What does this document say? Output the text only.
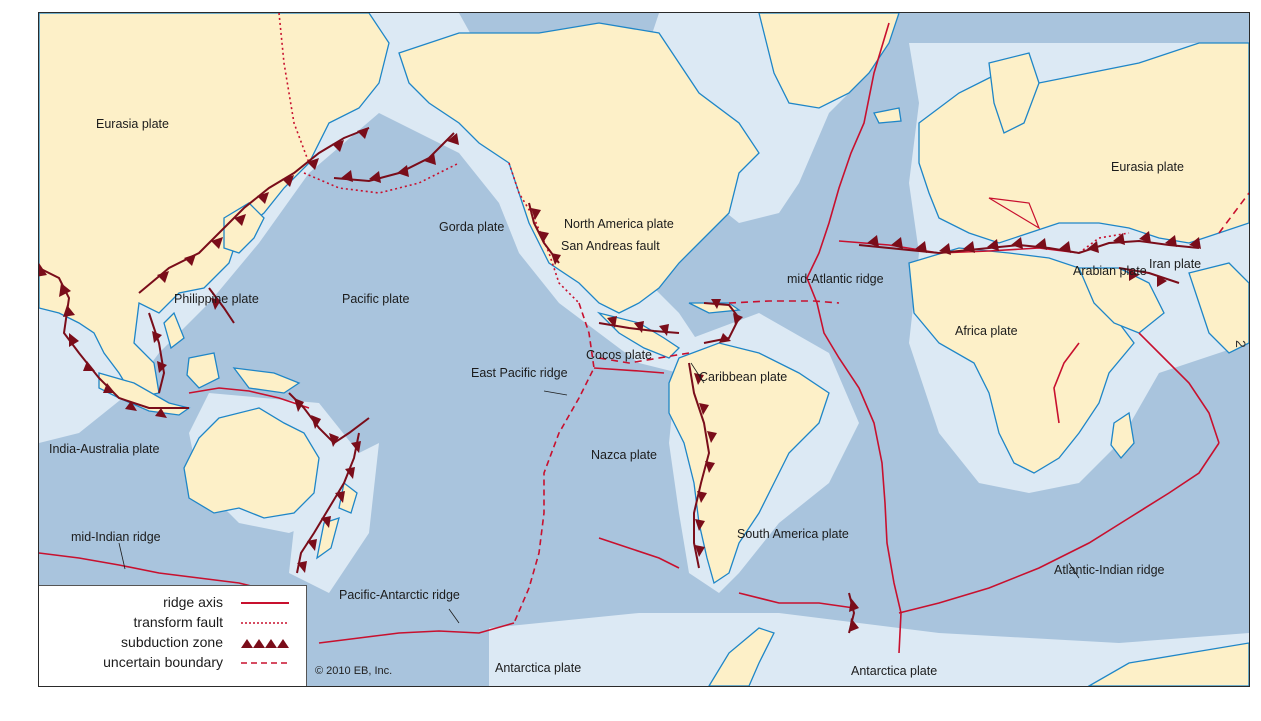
Eurasia plate
Eurasia plate
Philippine plate	Pacific plate
Gorda plate	North America plate
San Andreas fault
mid-Atlantic ridge
Arabian plate Iran plate
Africa plate
Cocos plate
East Pacific ridge	Caribbean plate
India-Australia plate	Nazca plate
South America plate
mid-Indian ridge
Atlantic-Indian ridge
Pacific-Antarctic ridge
Antarctica plate	Antarctica plate
ridge axis
transform fault
subduction zone
uncertain boundary
© 2010 EB, Inc.
2
